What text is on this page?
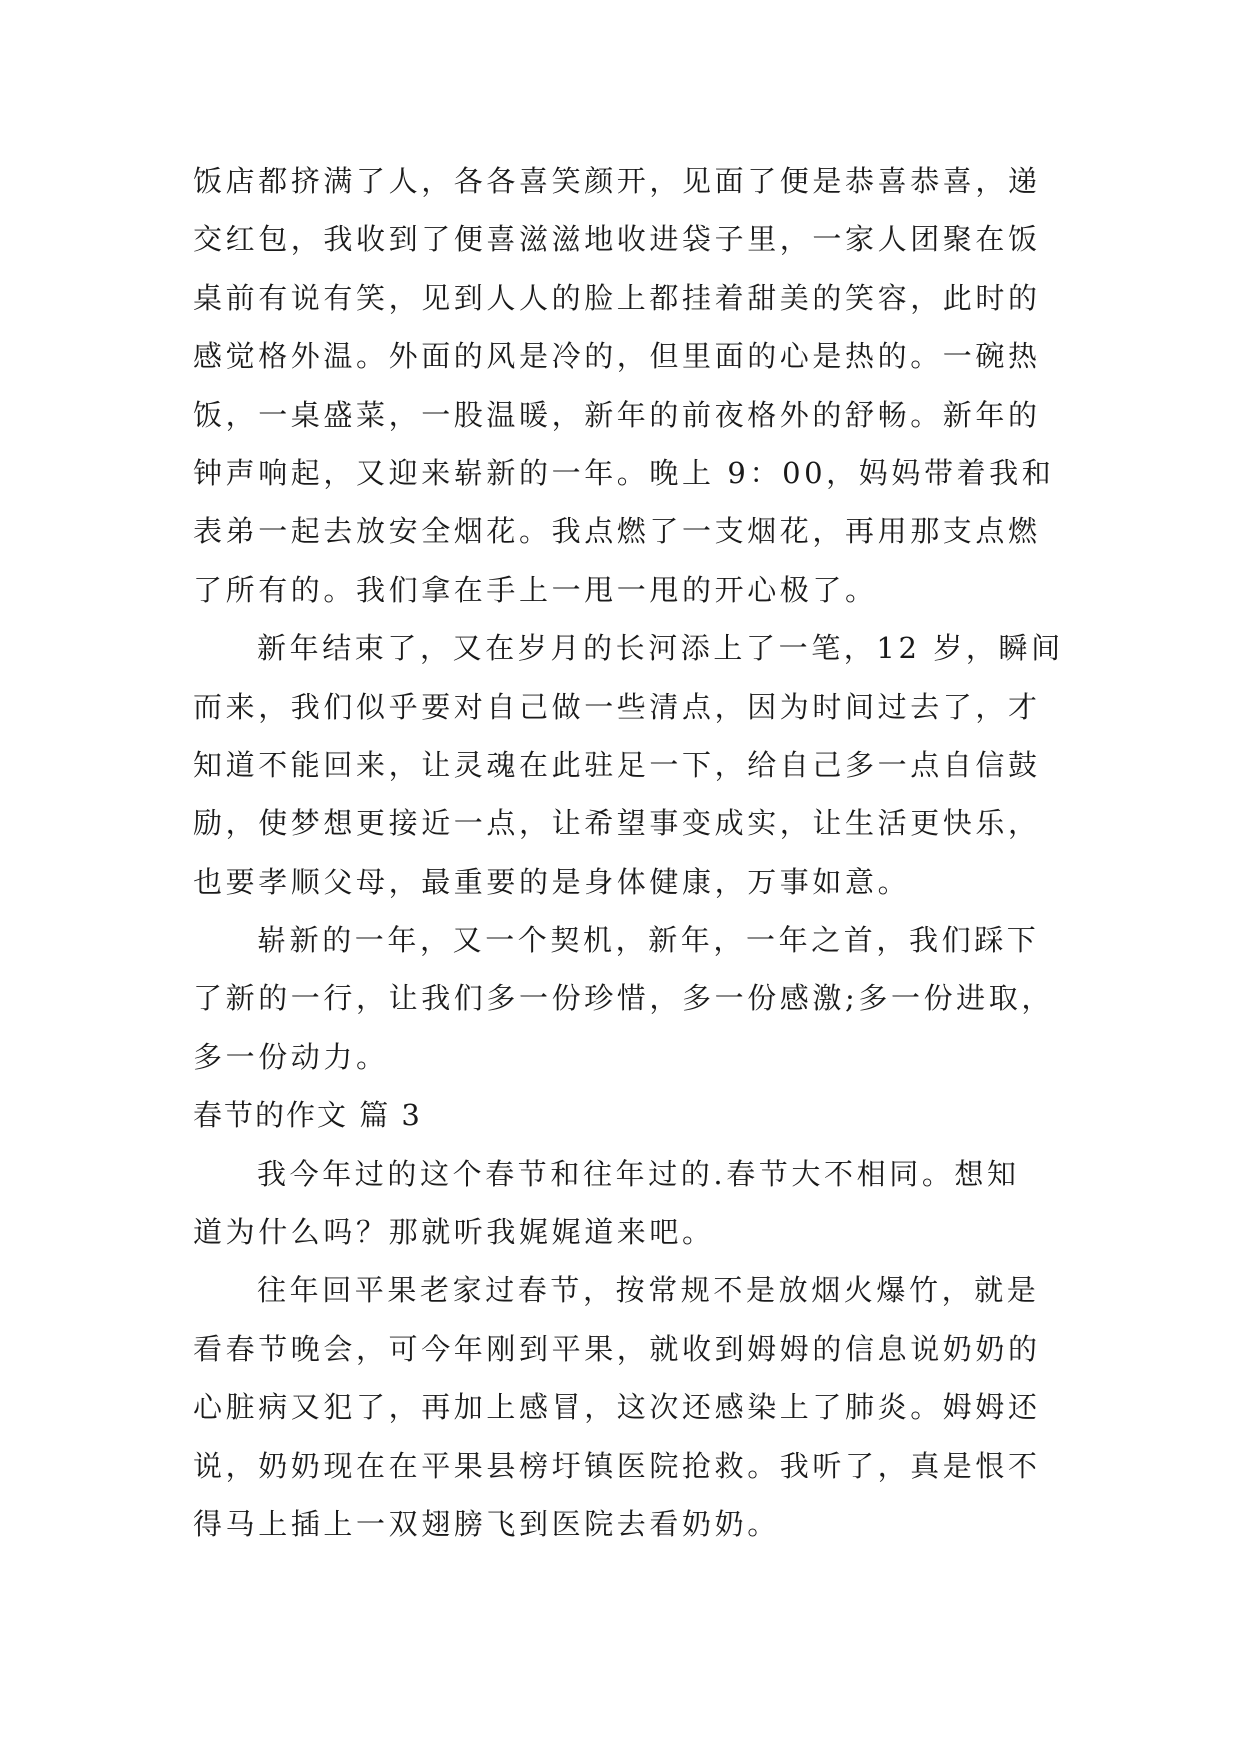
饭店都挤满了人，各各喜笑颜开，见面了便是恭喜恭喜，递
交红包，我收到了便喜滋滋地收进袋子里，一家人团聚在饭
桌前有说有笑，见到人人的脸上都挂着甜美的笑容，此时的
感觉格外温。外面的风是冷的，但里面的心是热的。一碗热
饭，一桌盛菜，一股温暖，新年的前夜格外的舒畅。新年的
钟声响起，又迎来崭新的一年。晚上 9：00，妈妈带着我和
表弟一起去放安全烟花。我点燃了一支烟花，再用那支点燃
了所有的。我们拿在手上一甩一甩的开心极了。
新年结束了，又在岁月的长河添上了一笔，12 岁，瞬间
而来，我们似乎要对自己做一些清点，因为时间过去了，才
知道不能回来，让灵魂在此驻足一下，给自己多一点自信鼓
励，使梦想更接近一点，让希望事变成实，让生活更快乐，
也要孝顺父母，最重要的是身体健康，万事如意。
崭新的一年，又一个契机，新年，一年之首，我们踩下
了新的一行，让我们多一份珍惜，多一份感激;多一份进取，
多一份动力。
春节的作文 篇 3
我今年过的这个春节和往年过的.春节大不相同。想知
道为什么吗？那就听我娓娓道来吧。
往年回平果老家过春节，按常规不是放烟火爆竹，就是
看春节晚会，可今年刚到平果，就收到姆姆的信息说奶奶的
心脏病又犯了，再加上感冒，这次还感染上了肺炎。姆姆还
说，奶奶现在在平果县榜圩镇医院抢救。我听了，真是恨不
得马上插上一双翅膀飞到医院去看奶奶。
